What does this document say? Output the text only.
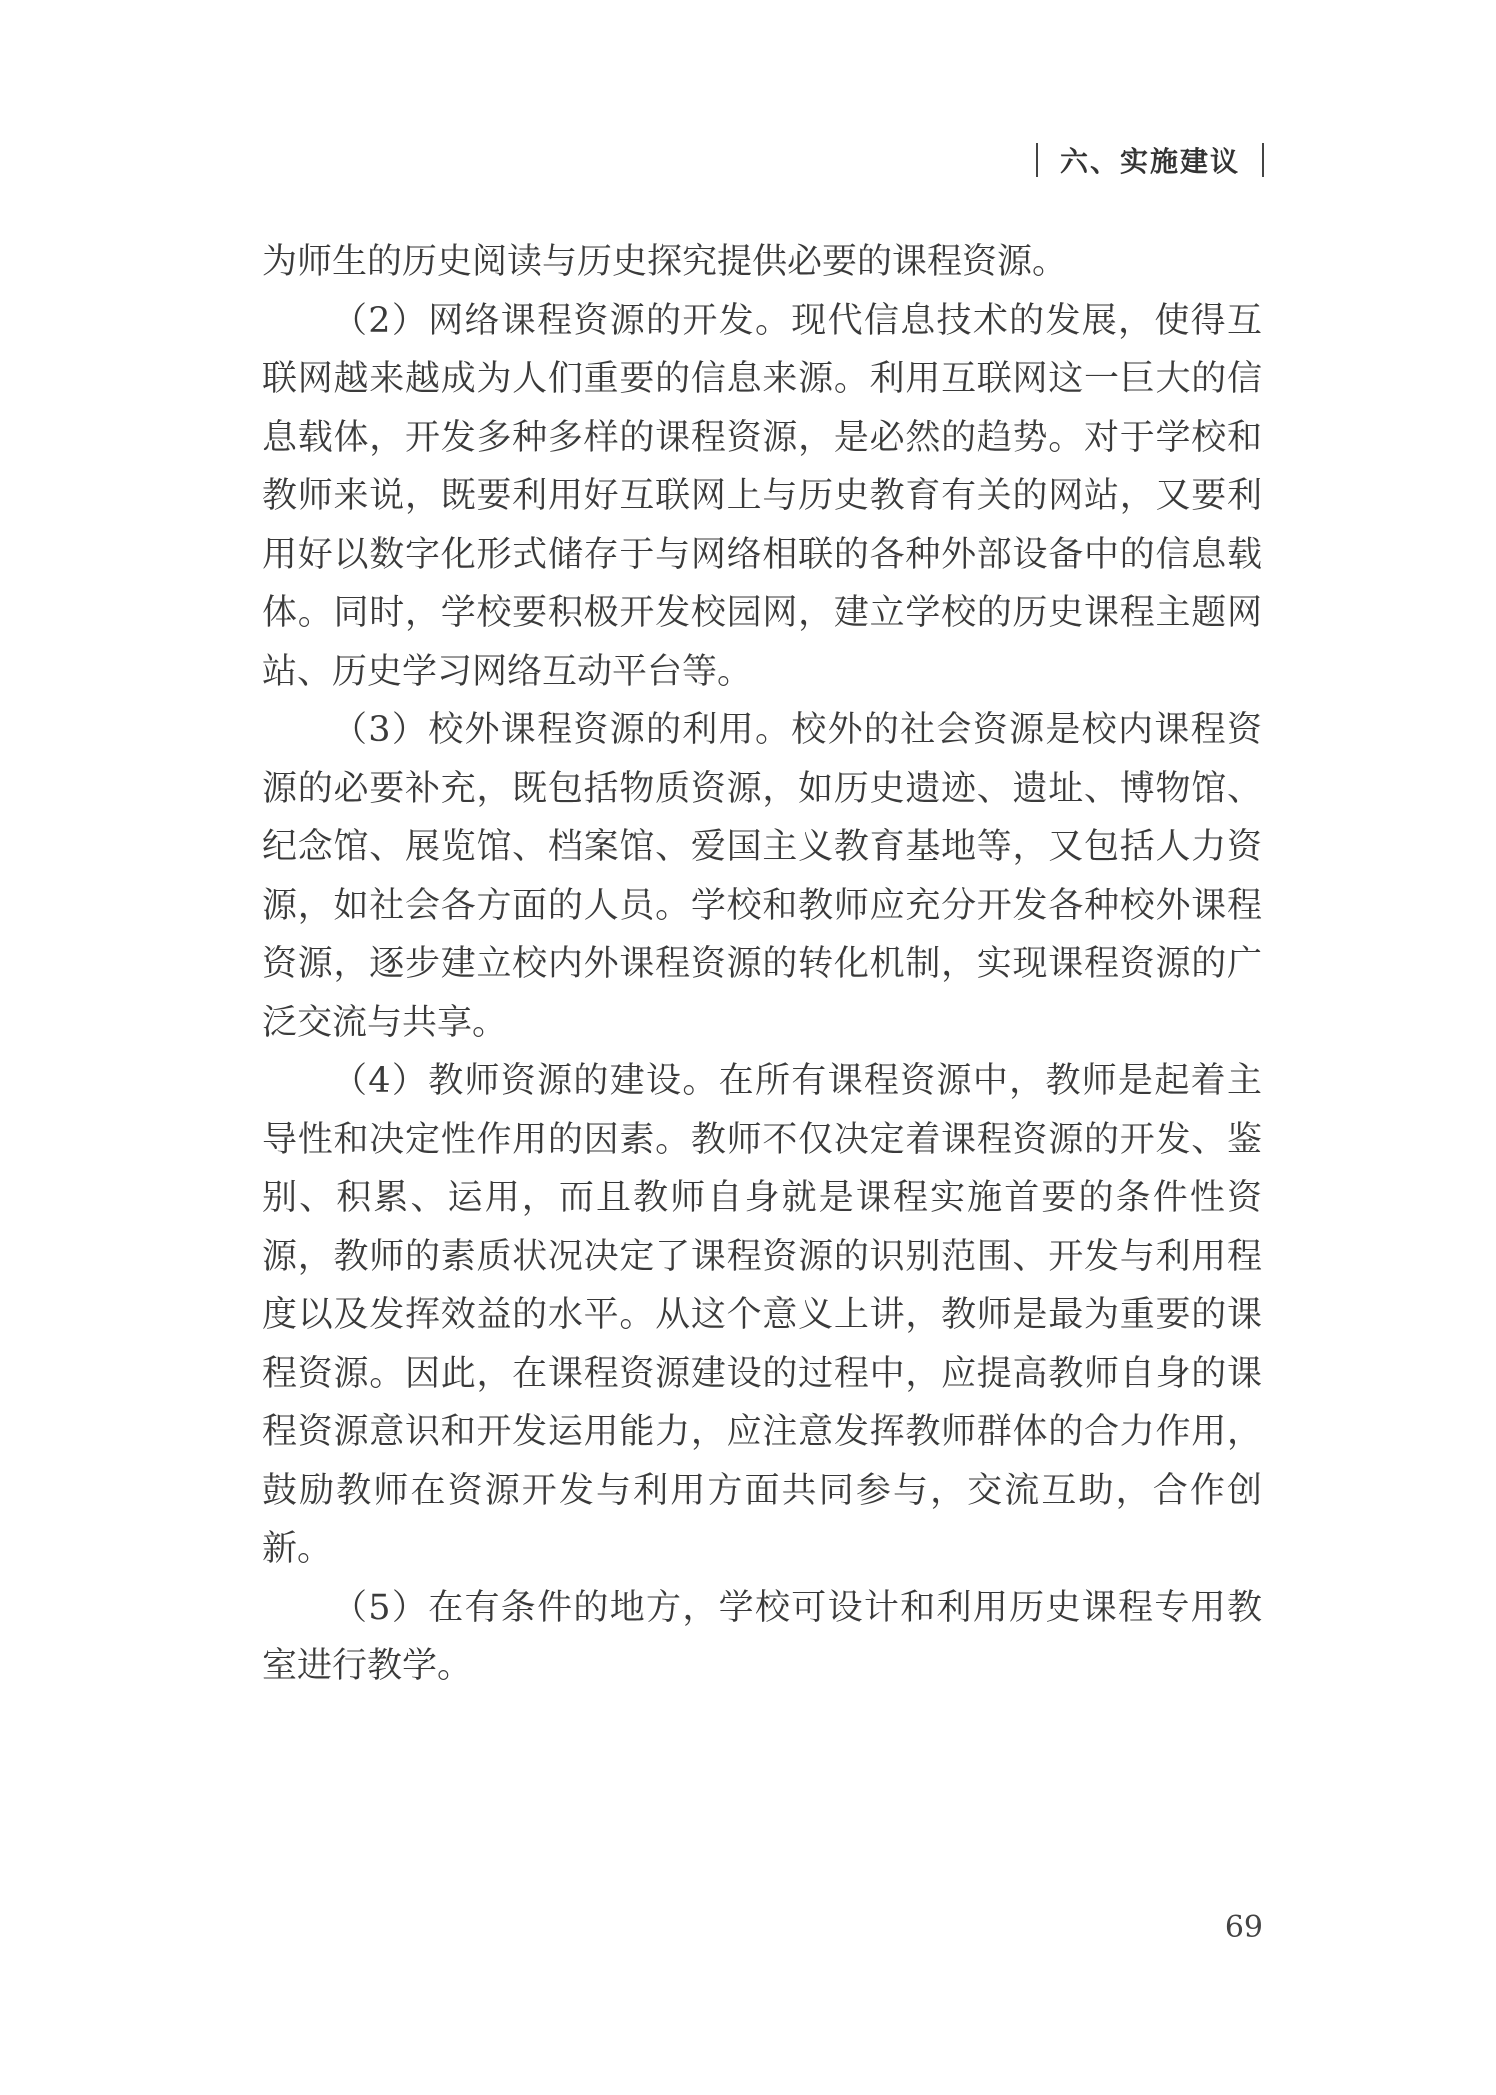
六、实施建议

为师生的历史阅读与历史探究提供必要的课程资源。

（2）网络课程资源的开发。现代信息技术的发展，使得互联网越来越成为人们重要的信息来源。利用互联网这一巨大的信息载体，开发多种多样的课程资源，是必然的趋势。对于学校和教师来说，既要利用好互联网上与历史教育有关的网站，又要利用好以数字化形式储存于与网络相联的各种外部设备中的信息载体。同时，学校要积极开发校园网，建立学校的历史课程主题网站、历史学习网络互动平台等。

（3）校外课程资源的利用。校外的社会资源是校内课程资源的必要补充，既包括物质资源，如历史遗迹、遗址、博物馆、纪念馆、展览馆、档案馆、爱国主义教育基地等，又包括人力资源，如社会各方面的人员。学校和教师应充分开发各种校外课程资源，逐步建立校内外课程资源的转化机制，实现课程资源的广泛交流与共享。

（4）教师资源的建设。在所有课程资源中，教师是起着主导性和决定性作用的因素。教师不仅决定着课程资源的开发、鉴别、积累、运用，而且教师自身就是课程实施首要的条件性资源，教师的素质状况决定了课程资源的识别范围、开发与利用程度以及发挥效益的水平。从这个意义上讲，教师是最为重要的课程资源。因此，在课程资源建设的过程中，应提高教师自身的课程资源意识和开发运用能力，应注意发挥教师群体的合力作用，鼓励教师在资源开发与利用方面共同参与，交流互助，合作创新。

（5）在有条件的地方，学校可设计和利用历史课程专用教室进行教学。

69
